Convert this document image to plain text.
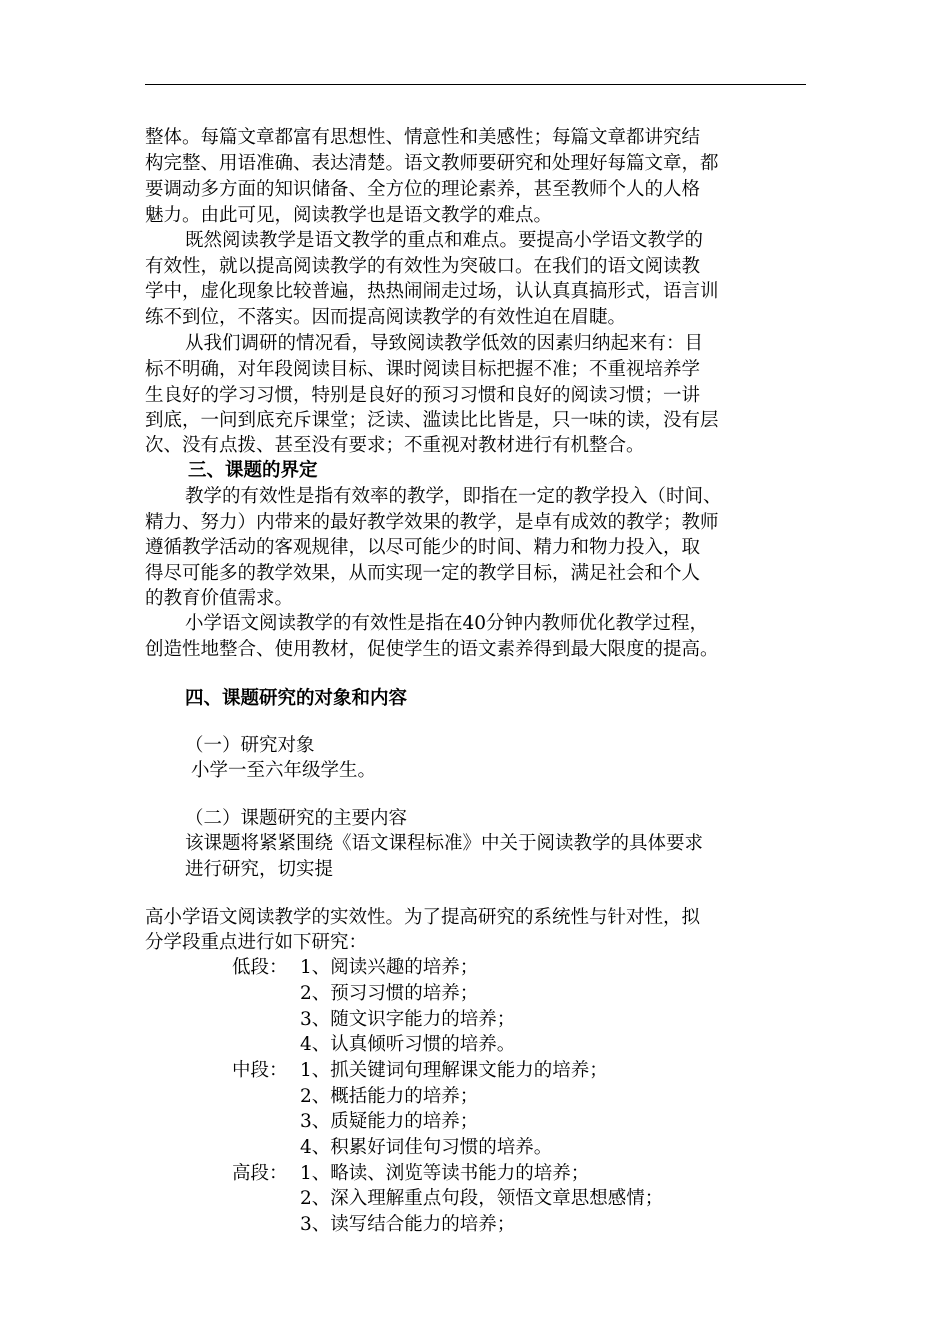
整体。每篇文章都富有思想性、情意性和美感性；每篇文章都讲究结
构完整、用语准确、表达清楚。语文教师要研究和处理好每篇文章，都
要调动多方面的知识储备、全方位的理论素养，甚至教师个人的人格
魅力。由此可见，阅读教学也是语文教学的难点。
既然阅读教学是语文教学的重点和难点。要提高小学语文教学的
有效性，就以提高阅读教学的有效性为突破口。在我们的语文阅读教
学中，虚化现象比较普遍，热热闹闹走过场，认认真真搞形式，语言训
练不到位，不落实。因而提高阅读教学的有效性迫在眉睫。
从我们调研的情况看，导致阅读教学低效的因素归纳起来有：目
标不明确，对年段阅读目标、课时阅读目标把握不准；不重视培养学
生良好的学习习惯，特别是良好的预习习惯和良好的阅读习惯；一讲
到底，一问到底充斥课堂；泛读、滥读比比皆是，只一味的读，没有层
次、没有点拨、甚至没有要求；不重视对教材进行有机整合。
三、课题的界定
教学的有效性是指有效率的教学，即指在一定的教学投入（时间、
精力、努力）内带来的最好教学效果的教学，是卓有成效的教学；教师
遵循教学活动的客观规律，以尽可能少的时间、精力和物力投入，取
得尽可能多的教学效果，从而实现一定的教学目标，满足社会和个人
的教育价值需求。
小学语文阅读教学的有效性是指在40分钟内教师优化教学过程，
创造性地整合、使用教材，促使学生的语文素养得到最大限度的提高。
四、课题研究的对象和内容
（一）研究对象
小学一至六年级学生。
（二）课题研究的主要内容
该课题将紧紧围绕《语文课程标准》中关于阅读教学的具体要求
进行研究，切实提
高小学语文阅读教学的实效性。为了提高研究的系统性与针对性，拟
分学段重点进行如下研究：
低段： 1、阅读兴趣的培养；
2、预习习惯的培养；
3、随文识字能力的培养；
4、认真倾听习惯的培养。
中段： 1、抓关键词句理解课文能力的培养；
2、概括能力的培养；
3、质疑能力的培养；
4、积累好词佳句习惯的培养。
高段： 1、略读、浏览等读书能力的培养；
2、深入理解重点句段，领悟文章思想感情；
3、读写结合能力的培养；
